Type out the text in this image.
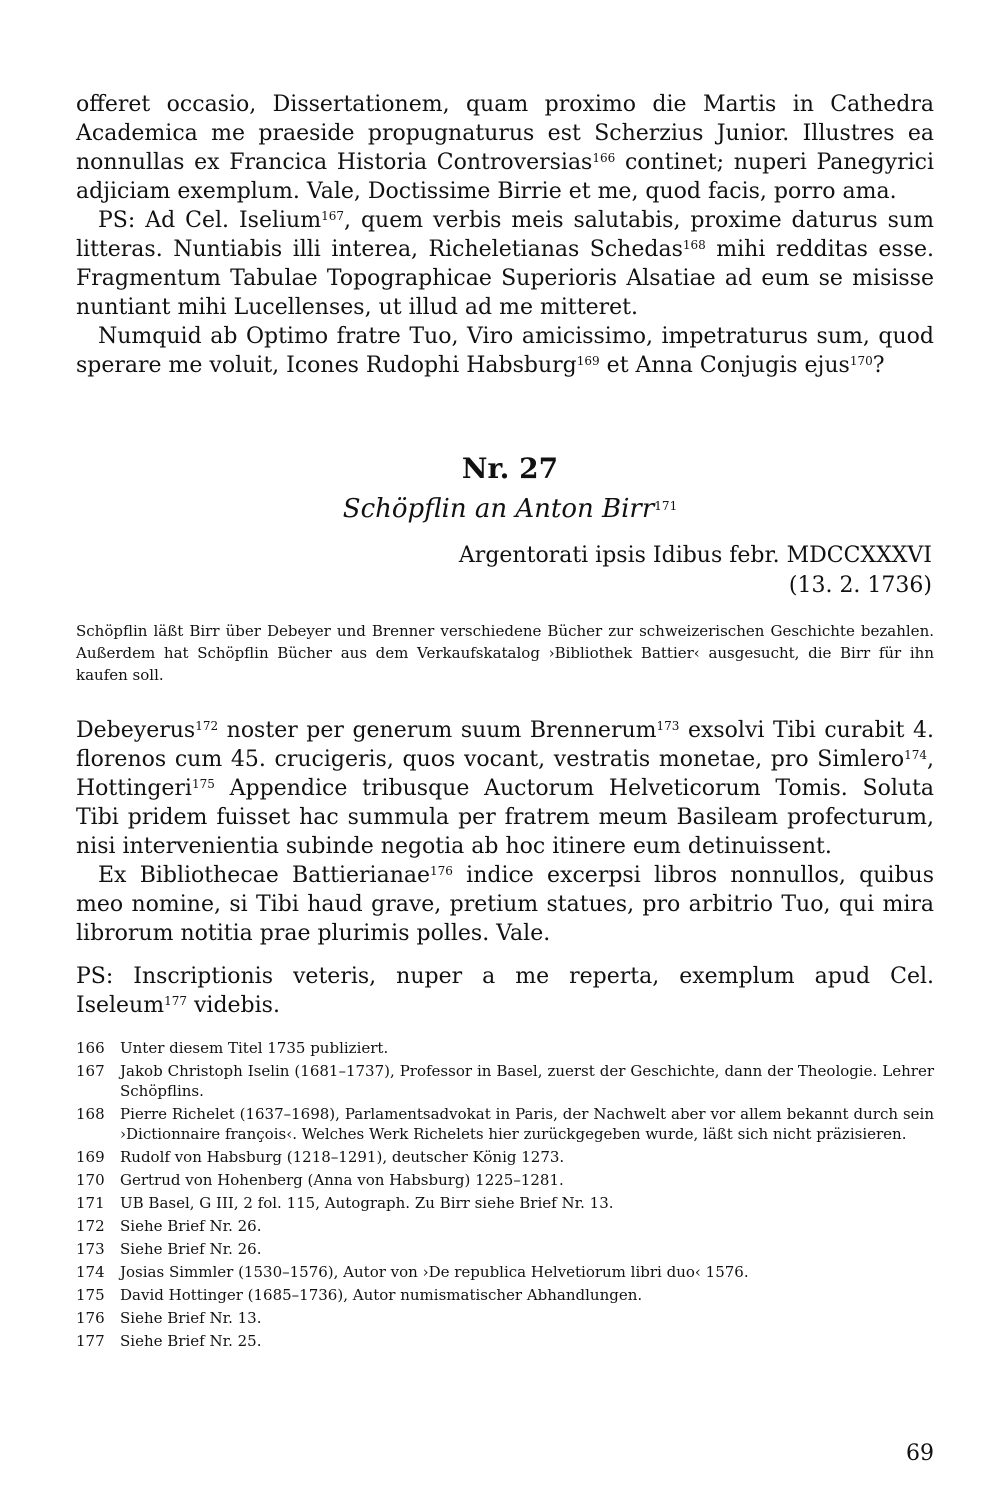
offeret occasio, Dissertationem, quam proximo die Martis in Cathedra Academica me praeside propugnaturus est Scherzius Junior. Illustres ea nonnullas ex Francica Historia Controversias$^{166}$ continet; nuperi Panegyrici adjiciam exemplum. Vale, Doctissime Birrie et me, quod facis, porro ama.

PS: Ad Cel. Iselium$^{167}$, quem verbis meis salutabis, proxime daturus sum litteras. Nuntiabis illi interea, Richeletianas Schedas$^{168}$ mihi redditas esse. Fragmentum Tabulae Topographicae Superioris Alsatiae ad eum se misisse nuntiant mihi Lucellenses, ut illud ad me mitteret.

Numquid ab Optimo fratre Tuo, Viro amicissimo, impetraturus sum, quod sperare me voluit, Icones Rudophi Habsburg$^{169}$ et Anna Conjugis ejus$^{170}$?

Nr. 27
Schöpflin an Anton Birr$^{171}$
Argentorati ipsis Idibus febr. MDCCXXXVI
(13. 2. 1736)

Schöpflin läßt Birr über Debeyer und Brenner verschiedene Bücher zur schweizerischen Geschichte bezahlen. Außerdem hat Schöpflin Bücher aus dem Verkaufskatalog ›Bibliothek Battier‹ ausgesucht, die Birr für ihn kaufen soll.

Debeyerus$^{172}$ noster per generum suum Brennerum$^{173}$ exsolvi Tibi curabit 4. florenos cum 45. crucigeris, quos vocant, vestratis monetae, pro Simlero$^{174}$, Hottingeri$^{175}$ Appendice tribusque Auctorum Helveticorum Tomis. Soluta Tibi pridem fuisset hac summula per fratrem meum Basileam profecturum, nisi intervenientia subinde negotia ab hoc itinere eum detinuissent.

Ex Bibliothecae Battierianae$^{176}$ indice excerpsi libros nonnullos, quibus meo nomine, si Tibi haud grave, pretium statues, pro arbitrio Tuo, qui mira librorum notitia prae plurimis polles. Vale.

PS: Inscriptionis veteris, nuper a me reperta, exemplum apud Cel. Iseleum$^{177}$ videbis.

166	Unter diesem Titel 1735 publiziert.
167	Jakob Christoph Iselin (1681–1737), Professor in Basel, zuerst der Geschichte, dann der Theologie. Lehrer Schöpflins.
168	Pierre Richelet (1637–1698), Parlamentsadvokat in Paris, der Nachwelt aber vor allem bekannt durch sein ›Dictionnaire françois‹. Welches Werk Richelets hier zurückgegeben wurde, läßt sich nicht präzisieren.
169	Rudolf von Habsburg (1218–1291), deutscher König 1273.
170	Gertrud von Hohenberg (Anna von Habsburg) 1225–1281.
171	UB Basel, G III, 2 fol. 115, Autograph. Zu Birr siehe Brief Nr. 13.
172	Siehe Brief Nr. 26.
173	Siehe Brief Nr. 26.
174	Josias Simmler (1530–1576), Autor von ›De republica Helvetiorum libri duo‹ 1576.
175	David Hottinger (1685–1736), Autor numismatischer Abhandlungen.
176	Siehe Brief Nr. 13.
177	Siehe Brief Nr. 25.
69
